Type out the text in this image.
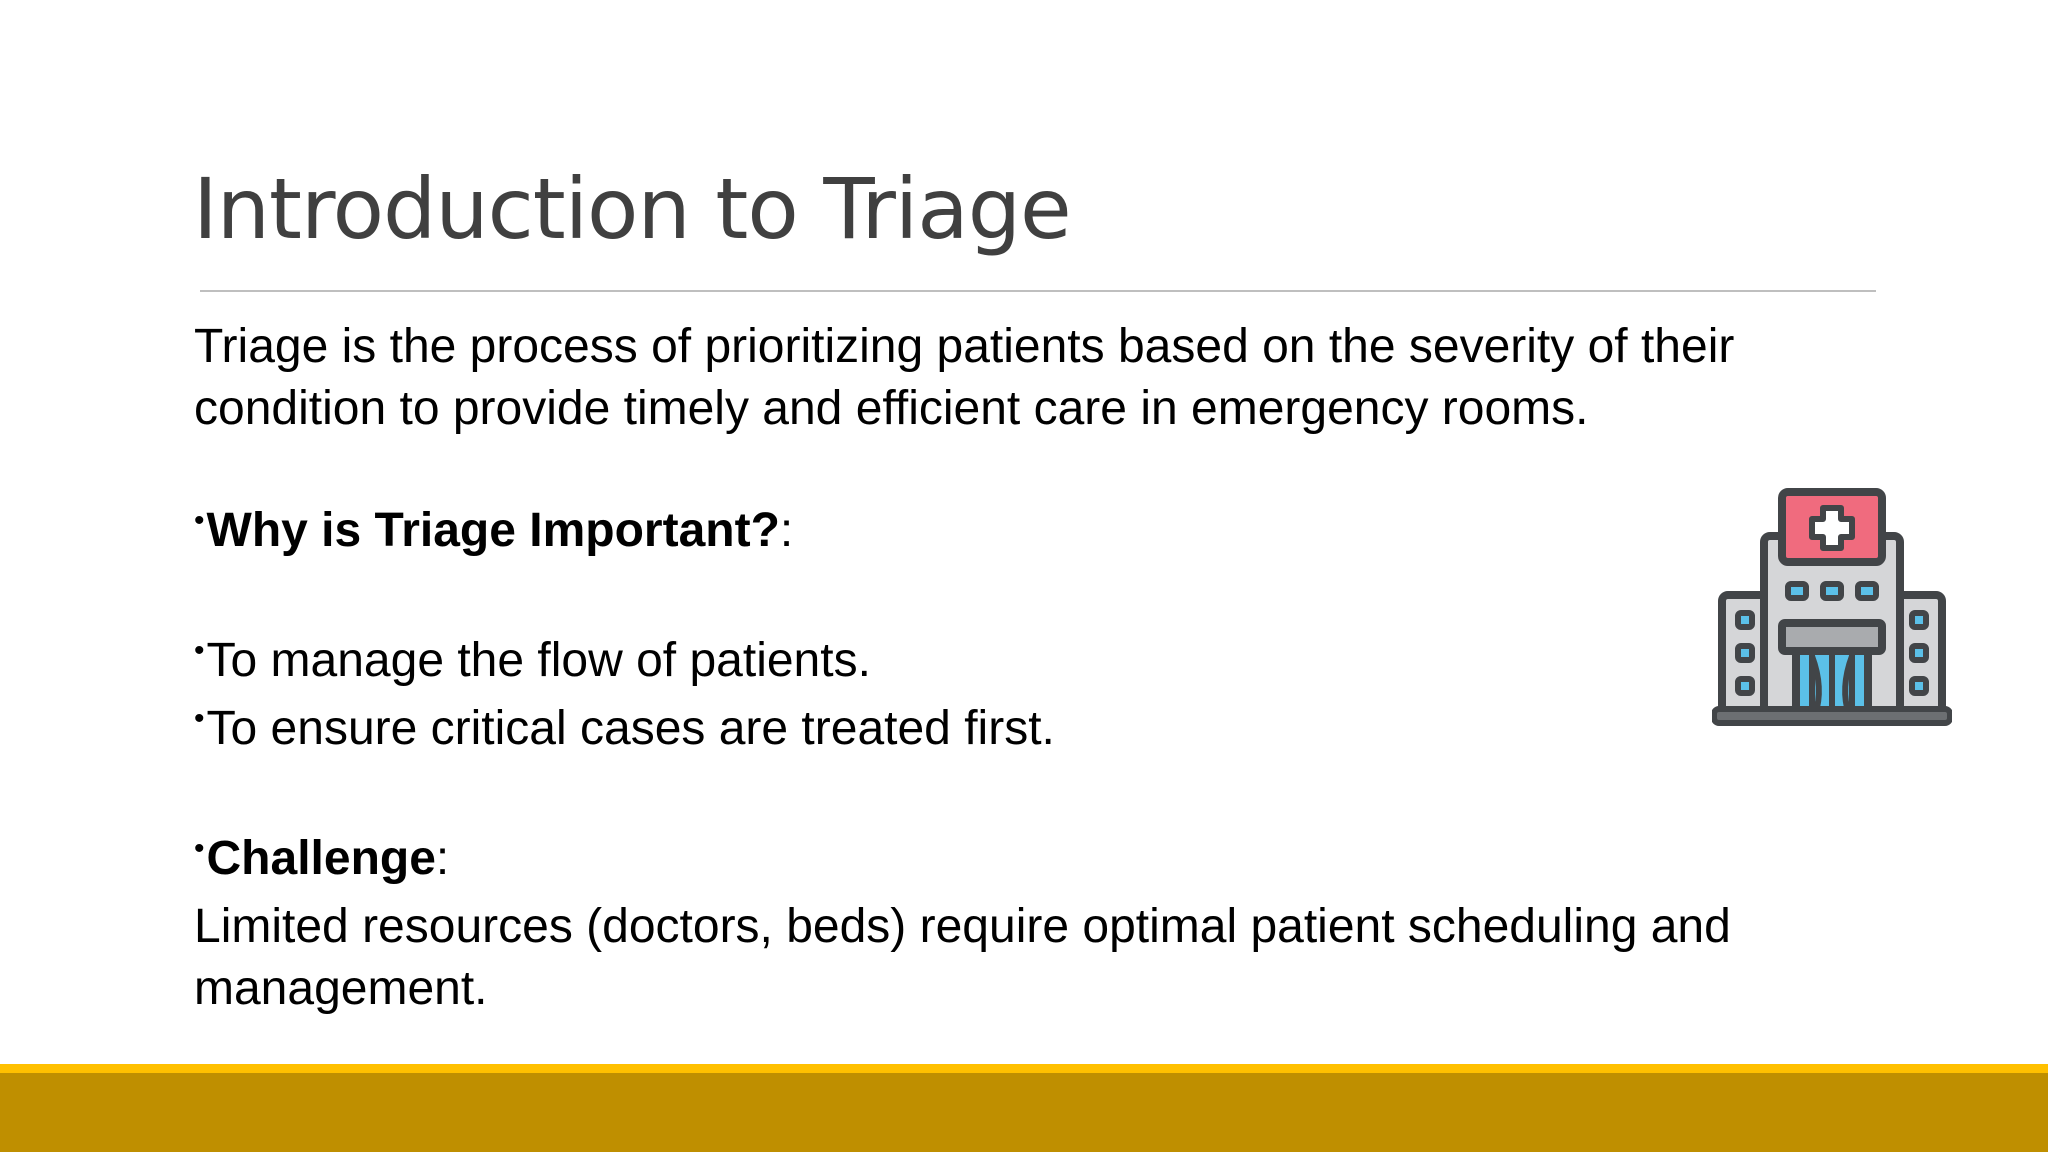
Introduction to Triage
Triage is the process of prioritizing patients based on the severity of their
condition to provide timely and efficient care in emergency rooms.
•Why is Triage Important?:
•To manage the flow of patients.
•To ensure critical cases are treated first.
•Challenge:
Limited resources (doctors, beds) require optimal patient scheduling and
management.
